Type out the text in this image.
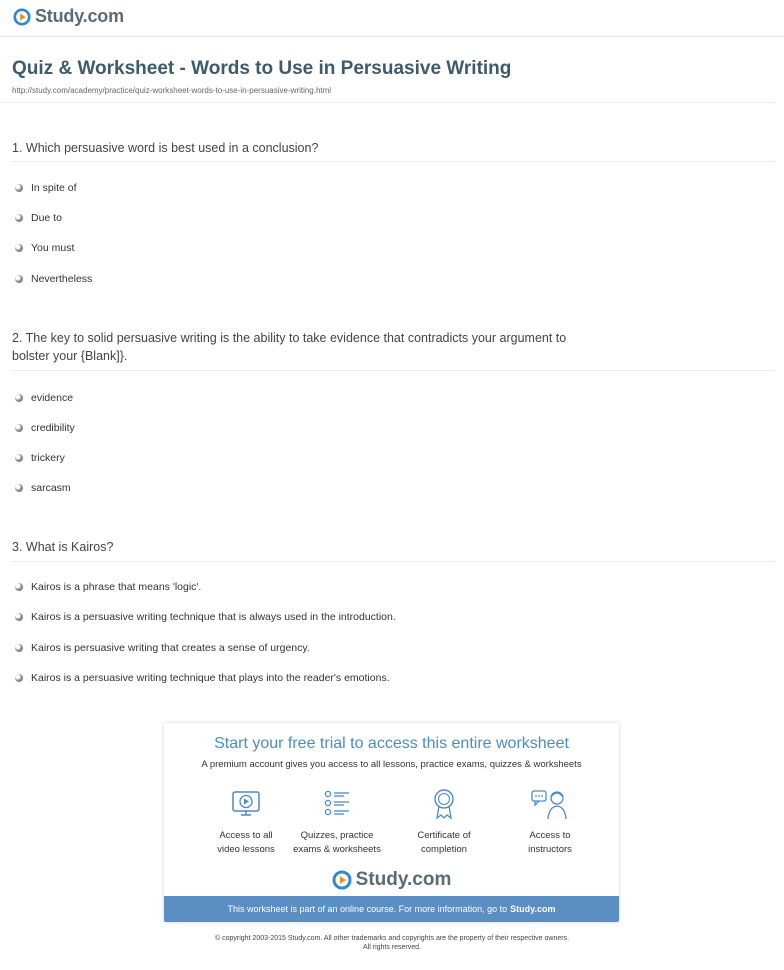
Study.com
Quiz & Worksheet - Words to Use in Persuasive Writing
http://study.com/academy/practice/quiz-worksheet-words-to-use-in-persuasive-writing.html
1. Which persuasive word is best used in a conclusion?
In spite of
Due to
You must
Nevertheless
2. The key to solid persuasive writing is the ability to take evidence that contradicts your argument to
bolster your {Blank]}.
evidence
credibility
trickery
sarcasm
3. What is Kairos?
Kairos is a phrase that means 'logic'.
Kairos is a persuasive writing technique that is always used in the introduction.
Kairos is persuasive writing that creates a sense of urgency.
Kairos is a persuasive writing technique that plays into the reader's emotions.
Start your free trial to access this entire worksheet
A premium account gives you access to all lessons, practice exams, quizzes & worksheets
Access to all
video lessons
Quizzes, practice
exams & worksheets
Certificate of
completion
Access to
instructors
Study.com
This worksheet is part of an online course. For more information, go to Study.com
© copyright 2003-2015 Study.com. All other trademarks and copyrights are the property of their respective owners.
All rights reserved.
